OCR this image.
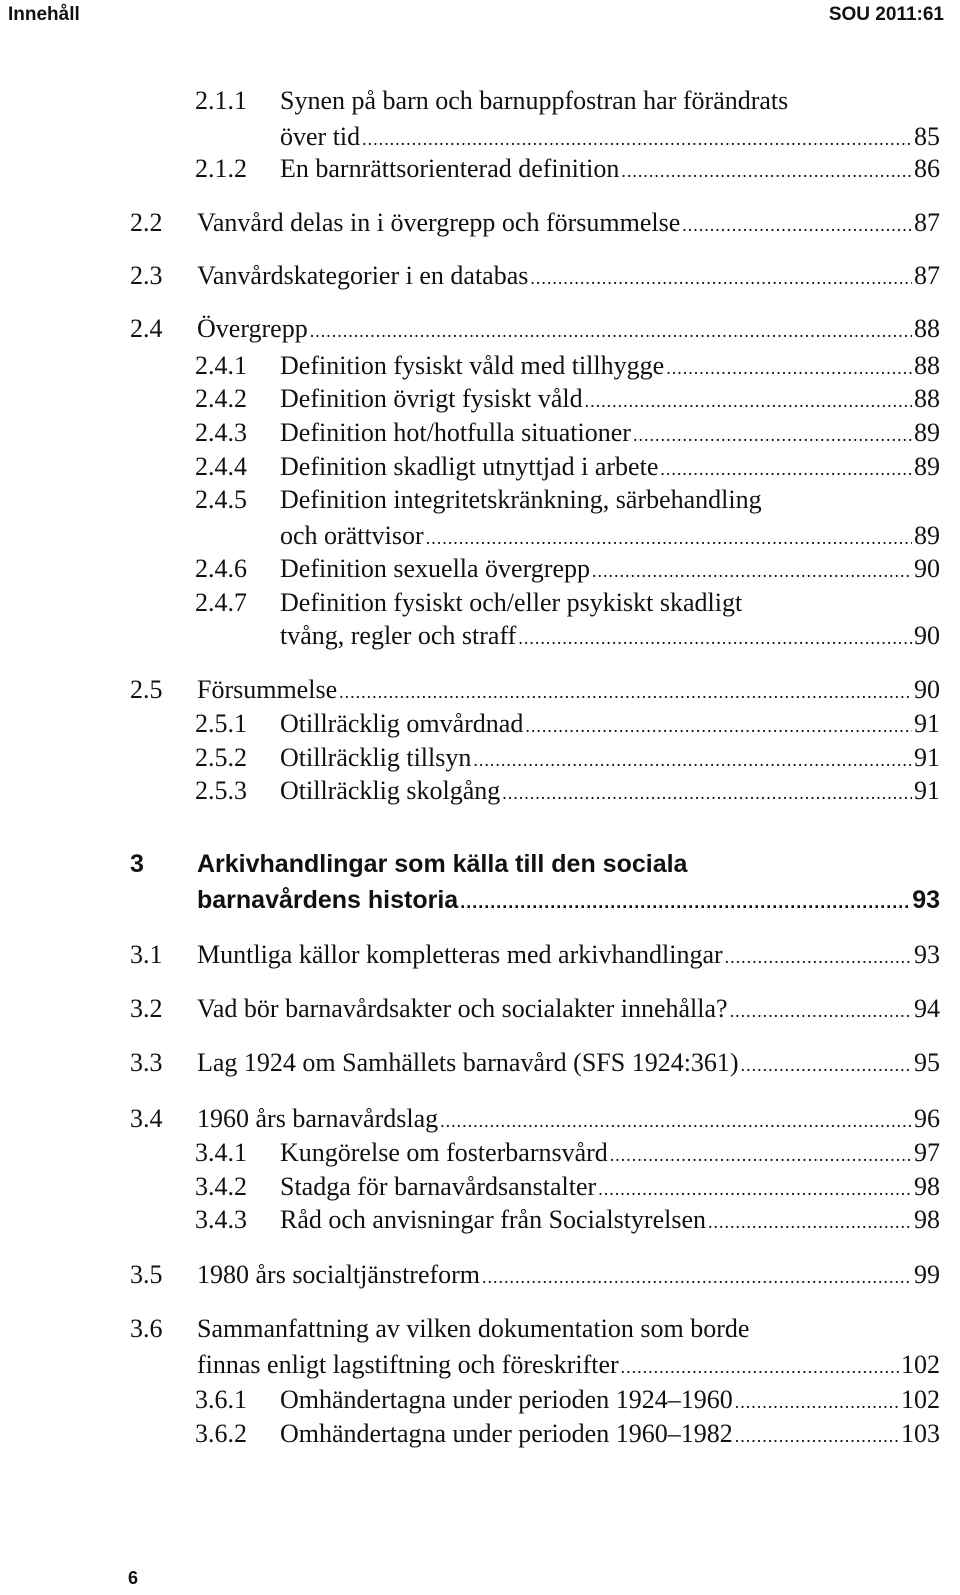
Innehåll	SOU 2011:61
2.1.1 Synen på barn och barnuppfostran har förändrats
över tid .....	85
2.1.2 En barnrättsorienterad definition .....	86
2.2 Vanvård delas in i övergrepp och försummelse .....	87
2.3 Vanvårdskategorier i en databas .....	87
2.4 Övergrepp .....	88
2.4.1 Definition fysiskt våld med tillhygge .....	88
2.4.2 Definition övrigt fysiskt våld .....	88
2.4.3 Definition hot/hotfulla situationer .....	89
2.4.4 Definition skadligt utnyttjad i arbete .....	89
2.4.5 Definition integritetskränkning, särbehandling
och orättvisor .....	89
2.4.6 Definition sexuella övergrepp .....	90
2.4.7 Definition fysiskt och/eller psykiskt skadligt
tvång, regler och straff .....	90
2.5 Försummelse .....	90
2.5.1 Otillräcklig omvårdnad .....	91
2.5.2 Otillräcklig tillsyn .....	91
2.5.3 Otillräcklig skolgång .....	91
3 Arkivhandlingar som källa till den sociala
barnavårdens historia .....	93
3.1 Muntliga källor kompletteras med arkivhandlingar .....	93
3.2 Vad bör barnavårdsakter och socialakter innehålla? .....	94
3.3 Lag 1924 om Samhällets barnavård (SFS 1924:361) .....	95
3.4 1960 års barnavårdslag .....	96
3.4.1 Kungörelse om fosterbarnsvård .....	97
3.4.2 Stadga för barnavårdsanstalter .....	98
3.4.3 Råd och anvisningar från Socialstyrelsen .....	98
3.5 1980 års socialtjänstreform .....	99
3.6 Sammanfattning av vilken dokumentation som borde
finnas enligt lagstiftning och föreskrifter .....	102
3.6.1 Omhändertagna under perioden 1924–1960 .....	102
3.6.2 Omhändertagna under perioden 1960–1982 .....	103
6
